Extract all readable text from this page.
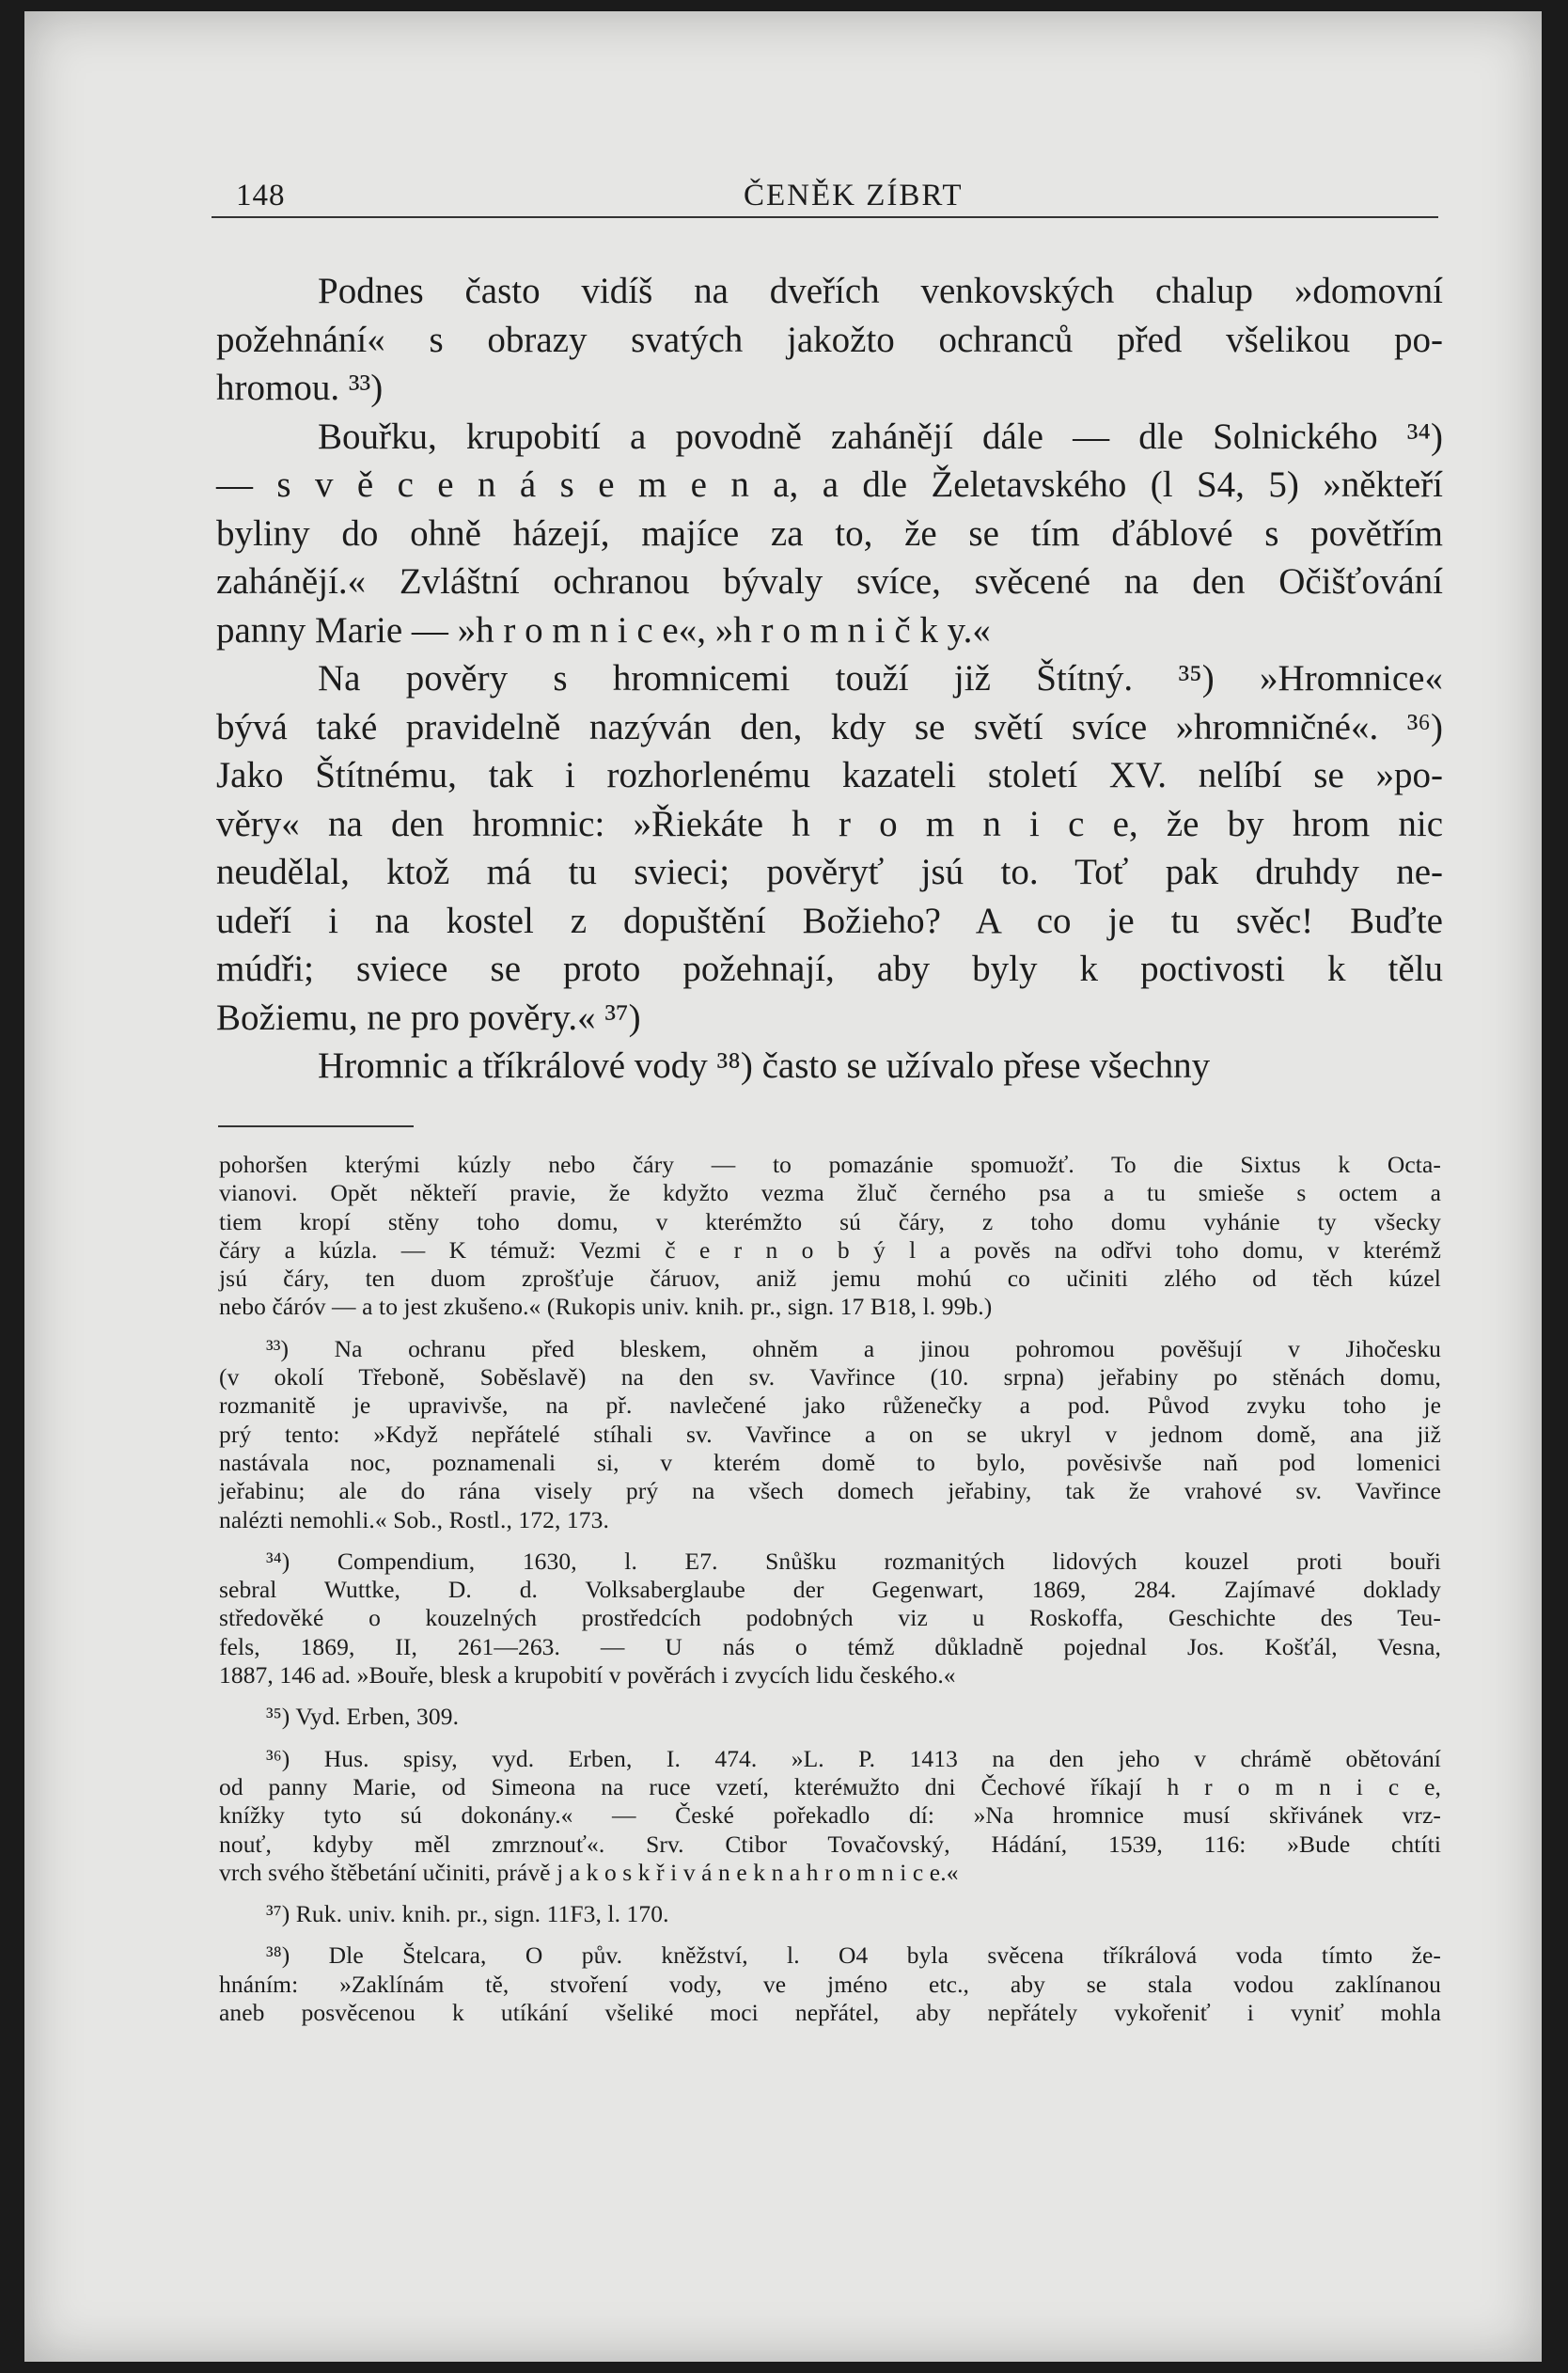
148	ČENĚK ZÍBRT
Podnes často vidíš na dveřích venkovských chalup »domovní
požehnání« s obrazy svatých jakožto ochranců před všelikou po-
hromou. ³³)
Bouřku, krupobití a povodně zahánějí dále — dle Solnického ³⁴)
— s v ě c e n á s e m e n a, a dle Želetavského (l S4, 5) »někteří
byliny do ohně házejí, majíce za to, že se tím ďáblové s povětřím
zahánějí.« Zvláštní ochranou bývaly svíce, svěcené na den Očišťování
panny Marie — »h r o m n i c e«, »h r o m n i č k y.«
Na pověry s hromnicemi touží již Štítný. ³⁵) »Hromnice«
bývá také pravidelně nazýván den, kdy se světí svíce »hromničné«. ³⁶)
Jako Štítnému, tak i rozhorlenému kazateli století XV. nelíbí se »po-
věry« na den hromnic: »Řiekáte h r o m n i c e, že by hrom nic
neudělal, ktož má tu svieci; pověryť jsú to. Toť pak druhdy ne-
udeří i na kostel z dopuštění Božieho? A co je tu svěc! Buďte
múdři; sviece se proto požehnají, aby byly k poctivosti k tělu
Božiemu, ne pro pověry.« ³⁷)
Hromnic a tříkrálové vody ³⁸) často se užívalo přese všechny
pohoršen kterými kúzly nebo čáry — to pomazánie spomuožť. To die Sixtus k Octa-
vianovi. Opět někteří pravie, že kdyžto vezma žluč černého psa a tu smieše s octem a
tiem kropí stěny toho domu, v kterémžto sú čáry, z toho domu vyhánie ty všecky
čáry a kúzla. — K témuž: Vezmi č e r n o b ý l a pověs na odřvi toho domu, v kterémž
jsú čáry, ten duom zprošťuje čáruov, aniž jemu mohú co učiniti zlého od těch kúzel
nebo čáróv — a to jest zkušeno.« (Rukopis univ. knih. pr., sign. 17 B18, l. 99b.)
³³) Na ochranu před bleskem, ohněm a jinou pohromou pověšují v Jihočesku
(v okolí Třeboně, Soběslavě) na den sv. Vavřince (10. srpna) jeřabiny po stěnách domu,
rozmanitě je upravivše, na př. navlečené jako růženečky a pod. Původ zvyku toho je
prý tento: »Když nepřátelé stíhali sv. Vavřince a on se ukryl v jednom domě, ana již
nastávala noc, poznamenali si, v kterém domě to bylo, pověsivše naň pod lomenici
jeřabinu; ale do rána visely prý na všech domech jeřabiny, tak že vrahové sv. Vavřince
nalézti nemohli.« Sob., Rostl., 172, 173.
³⁴) Compendium, 1630, l. E7. Snůšku rozmanitých lidových kouzel proti bouři
sebral Wuttke, D. d. Volksaberglaube der Gegenwart, 1869, 284. Zajímavé doklady
středověké o kouzelných prostředcích podobných viz u Roskoffa, Geschichte des Teu-
fels, 1869, II, 261—263. — U nás o témž důkladně pojednal Jos. Košťál, Vesna,
1887, 146 ad. »Bouře, blesk a krupobití v pověrách i zvycích lidu českého.«
³⁵) Vyd. Erben, 309.
³⁶) Hus. spisy, vyd. Erben, I. 474. »L. P. 1413 na den jeho v chrámě obětování
od panny Marie, od Simeona na ruce vzetí, kteréмužto dni Čechové říkají h r o m n i c e,
knížky tyto sú dokonány.« — České pořekadlo dí: »Na hromnice musí skřivánek vrz-
nouť, kdyby měl zmrznouť«. Srv. Ctibor Tovačovský, Hádání, 1539, 116: »Bude chtíti
vrch svého štěbetání učiniti, právě j a k o s k ř i v á n e k n a h r o m n i c e.«
³⁷) Ruk. univ. knih. pr., sign. 11F3, l. 170.
³⁸) Dle Štelcara, O pův. kněžství, l. O4 byla svěcena tříkrálová voda tímto že-
hnáním: »Zaklínám tě, stvoření vody, ve jméno etc., aby se stala vodou zaklínanou
aneb posvěcenou k utíkání všeliké moci nepřátel, aby nepřátely vykořeniť i vyniť mohla
